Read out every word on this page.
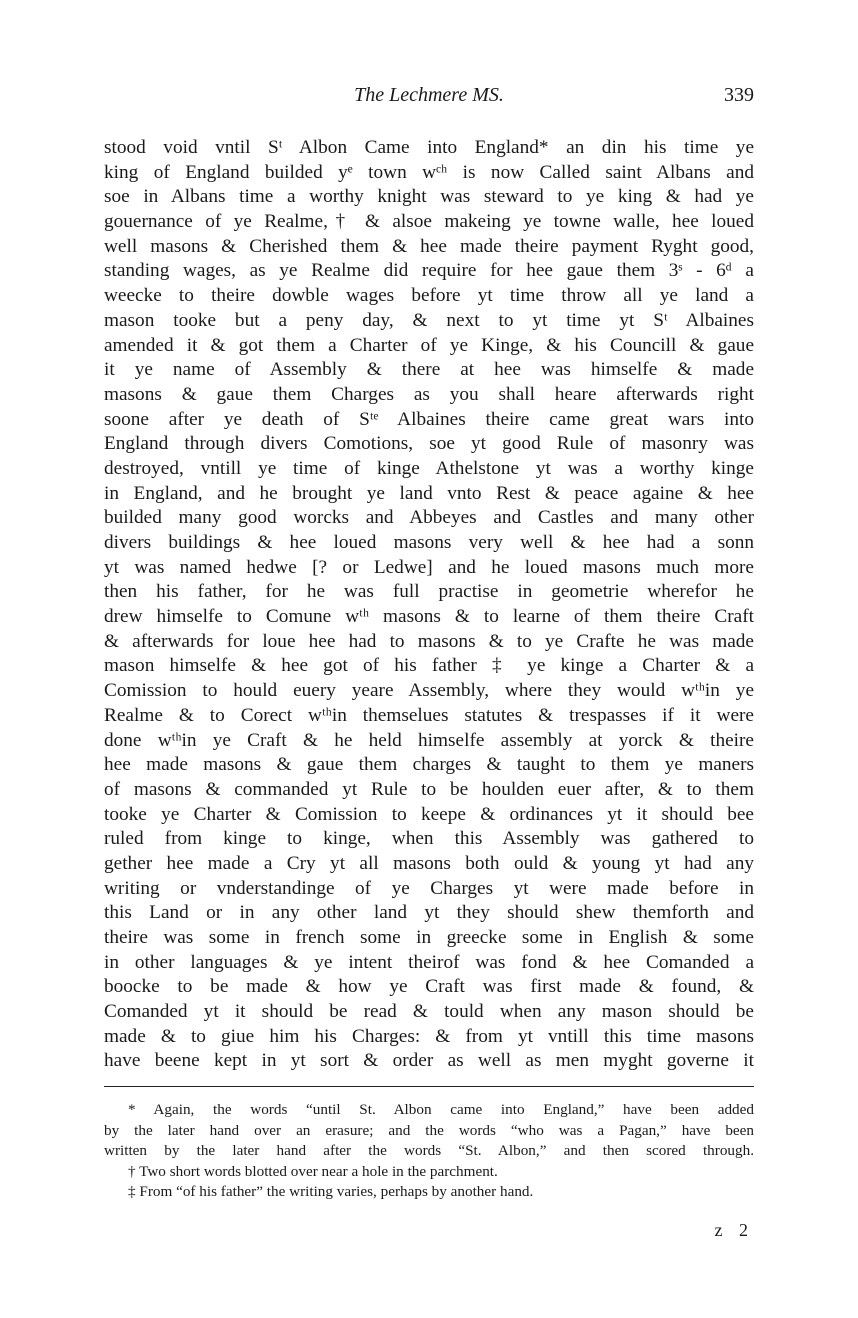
The Lechmere MS.	339
stood void vntil Sᵗ Albon Came into England* an din his time ye
king of England builded yᵉ town wᶜʰ is now Called saint Albans and
soe in Albans time a worthy knight was steward to ye king & had ye
gouernance of ye Realme,† & alsoe makeing ye towne walle, hee loued
well masons & Cherished them & hee made theire payment Ryght good,
standing wages, as ye Realme did require for hee gaue them 3ˢ - 6ᵈ a
weecke to theire dowble wages before yt time throw all ye land a
mason tooke but a peny day, & next to yt time yt Sᵗ Albaines
amended it & got them a Charter of ye Kinge, & his Councill & gaue
it ye name of Assembly & there at hee was himselfe & made
masons & gaue them Charges as you shall heare afterwards right
soone after ye death of Sᵗᵉ Albaines theire came great wars into
England through divers Comotions, soe yt good Rule of masonry was
destroyed, vntill ye time of kinge Athelstone yt was a worthy kinge
in England, and he brought ye land vnto Rest & peace againe & hee
builded many good worcks and Abbeyes and Castles and many other
divers buildings & hee loued masons very well & hee had a sonn
yt was named hedwe [? or Ledwe] and he loued masons much more
then his father, for he was full practise in geometrie wherefor he
drew himselfe to Comune wᵗʰ masons & to learne of them theire Craft
& afterwards for loue hee had to masons & to ye Crafte he was made
mason himselfe & hee got of his father ‡ ye kinge a Charter & a
Comission to hould euery yeare Assembly, where they would wᵗʰin ye
Realme & to Corect wᵗʰin themselues statutes & trespasses if it were
done wᵗʰin ye Craft & he held himselfe assembly at yorck & theire
hee made masons & gaue them charges & taught to them ye maners
of masons & commanded yt Rule to be houlden euer after, & to them
tooke ye Charter & Comission to keepe & ordinances yt it should bee
ruled from kinge to kinge, when this Assembly was gathered to
gether hee made a Cry yt all masons both ould & young yt had any
writing or vnderstandinge of ye Charges yt were made before in
this Land or in any other land yt they should shew themforth and
theire was some in french some in greecke some in English & some
in other languages & ye intent theirof was fond & hee Comanded a
boocke to be made & how ye Craft was first made & found, &
Comanded yt it should be read & tould when any mason should be
made & to giue him his Charges: & from yt vntill this time masons
have beene kept in yt sort & order as well as men myght governe it
* Again, the words “until St. Albon came into England,” have been added
by the later hand over an erasure; and the words “who was a Pagan,” have been
written by the later hand after the words “St. Albon,” and then scored through.
† Two short words blotted over near a hole in the parchment.
‡ From “of his father” the writing varies, perhaps by another hand.
z 2
